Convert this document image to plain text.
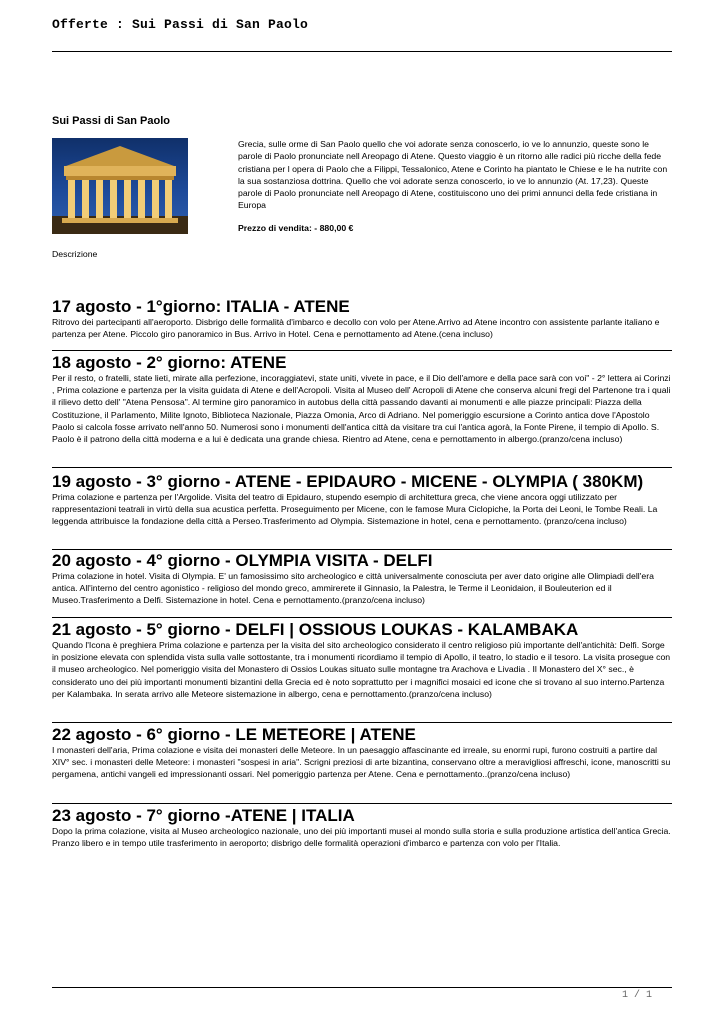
Offerte : Sui Passi di San Paolo
Sui Passi di San Paolo
Grecia, sulle orme di San Paolo quello che voi adorate senza conoscerlo, io ve lo annunzio, queste sono le parole di Paolo pronunciate nell Areopago di Atene. Questo viaggio è un ritorno alle radici più ricche della fede cristiana per l opera di Paolo che a Filippi, Tessalonico, Atene e Corinto ha piantato le Chiese e le ha nutrite con la sua sostanziosa dottrina. Quello che voi adorate senza conoscerlo, io ve lo annunzio (At. 17,23). Queste parole di Paolo pronunciate nell Areopago di Atene, costituiscono uno dei primi annunci della fede cristiana in Europa
Prezzo di vendita: - 880,00 €
Descrizione
17 agosto - 1°giorno: ITALIA - ATENE

Ritrovo dei partecipanti all'aeroporto. Disbrigo delle formalità d'imbarco e decollo con volo per Atene.Arrivo ad Atene incontro con assistente parlante italiano e partenza per Atene. Piccolo giro panoramico in Bus. Arrivo in Hotel. Cena e pernottamento ad Atene.(cena incluso)

18 agosto - 2° giorno: ATENE

Per il resto, o fratelli, state lieti, mirate alla perfezione, incoraggiatevi, state uniti, vivete in pace, e il Dio dell'amore e della pace sarà con voi" - 2° lettera ai Corinzi , Prima colazione e partenza per la visita guidata di Atene e dell'Acropoli. Visita al Museo dell' Acropoli di Atene che conserva alcuni fregi del Partenone tra i quali il rilievo detto dell' "Atena Pensosa". Al termine giro panoramico in autobus della città passando davanti ai monumenti e alle piazze principali: Piazza della Costituzione, il Parlamento, Milite Ignoto, Biblioteca Nazionale, Piazza Omonia, Arco di Adriano. Nel pomeriggio escursione a Corinto antica dove l'Apostolo Paolo si calcola fosse arrivato nell'anno 50. Numerosi sono i monumenti dell'antica città da visitare tra cui l'antica agorà, la Fonte Pirene, il tempio di Apollo. S. Paolo è il patrono della città moderna e a lui è dedicata una grande chiesa. Rientro ad Atene, cena e pernottamento in albergo.(pranzo/cena incluso)

19 agosto - 3° giorno - ATENE - EPIDAURO - MICENE - OLYMPIA ( 380KM)

Prima colazione e partenza per l'Argolide. Visita del teatro di Epidauro, stupendo esempio di architettura greca, che viene ancora oggi utilizzato per rappresentazioni teatrali in virtù della sua acustica perfetta. Proseguimento per Micene, con le famose Mura Ciclopiche, la Porta dei Leoni, le Tombe Reali. La leggenda attribuisce la fondazione della città a Perseo.Trasferimento ad Olympia. Sistemazione in hotel, cena e pernottamento. (pranzo/cena incluso)

20 agosto - 4° giorno - OLYMPIA VISITA - DELFI

Prima colazione in hotel. Visita di Olympia. E' un famosissimo sito archeologico e città universalmente conosciuta per aver dato origine alle Olimpiadi dell'era antica. All'interno del centro agonistico - religioso del mondo greco, ammirerete il Ginnasio, la Palestra, le Terme il Leonidaion, il Bouleuterion ed il Museo.Trasferimento a Delfi. Sistemazione in hotel. Cena e pernottamento.(pranzo/cena incluso)

21 agosto - 5° giorno - DELFI | OSSIOUS LOUKAS - KALAMBAKA

Quando l'Icona è preghiera Prima colazione e partenza per la visita del sito archeologico considerato il centro religioso più importante dell'antichità: Delfi. Sorge in posizione elevata con splendida vista sulla valle sottostante, tra i monumenti ricordiamo il tempio di Apollo, il teatro, lo stadio e il tesoro. La visita prosegue con il museo archeologico. Nel pomeriggio visita del Monastero di Ossios Loukas situato sulle montagne tra Arachova e Livadia . Il Monastero del X° sec., è considerato uno dei più importanti monumenti bizantini della Grecia ed è noto soprattutto per i magnifici mosaici ed icone che si trovano al suo interno.Partenza per Kalambaka. In serata arrivo alle Meteore sistemazione in albergo, cena e pernottamento.(pranzo/cena incluso)

22 agosto - 6° giorno - LE METEORE | ATENE

I monasteri dell'aria, Prima colazione e visita dei monasteri delle Meteore. In un paesaggio affascinante ed irreale, su enormi rupi, furono costruiti a partire dal XIV° sec. i monasteri delle Meteore: i monasteri "sospesi in aria". Scrigni preziosi di arte bizantina, conservano oltre a meravigliosi affreschi, icone, manoscritti su pergamena, antichi vangeli ed impressionanti ossari. Nel pomeriggio partenza per Atene. Cena e pernottamento..(pranzo/cena incluso)

23 agosto - 7° giorno -ATENE | ITALIA

Dopo la prima colazione, visita al Museo archeologico nazionale, uno dei più importanti musei al mondo sulla storia e sulla produzione artistica dell'antica Grecia. Pranzo libero e in tempo utile trasferimento in aeroporto; disbrigo delle formalità operazioni d'imbarco e partenza con volo per l'Italia.

1 / 1
